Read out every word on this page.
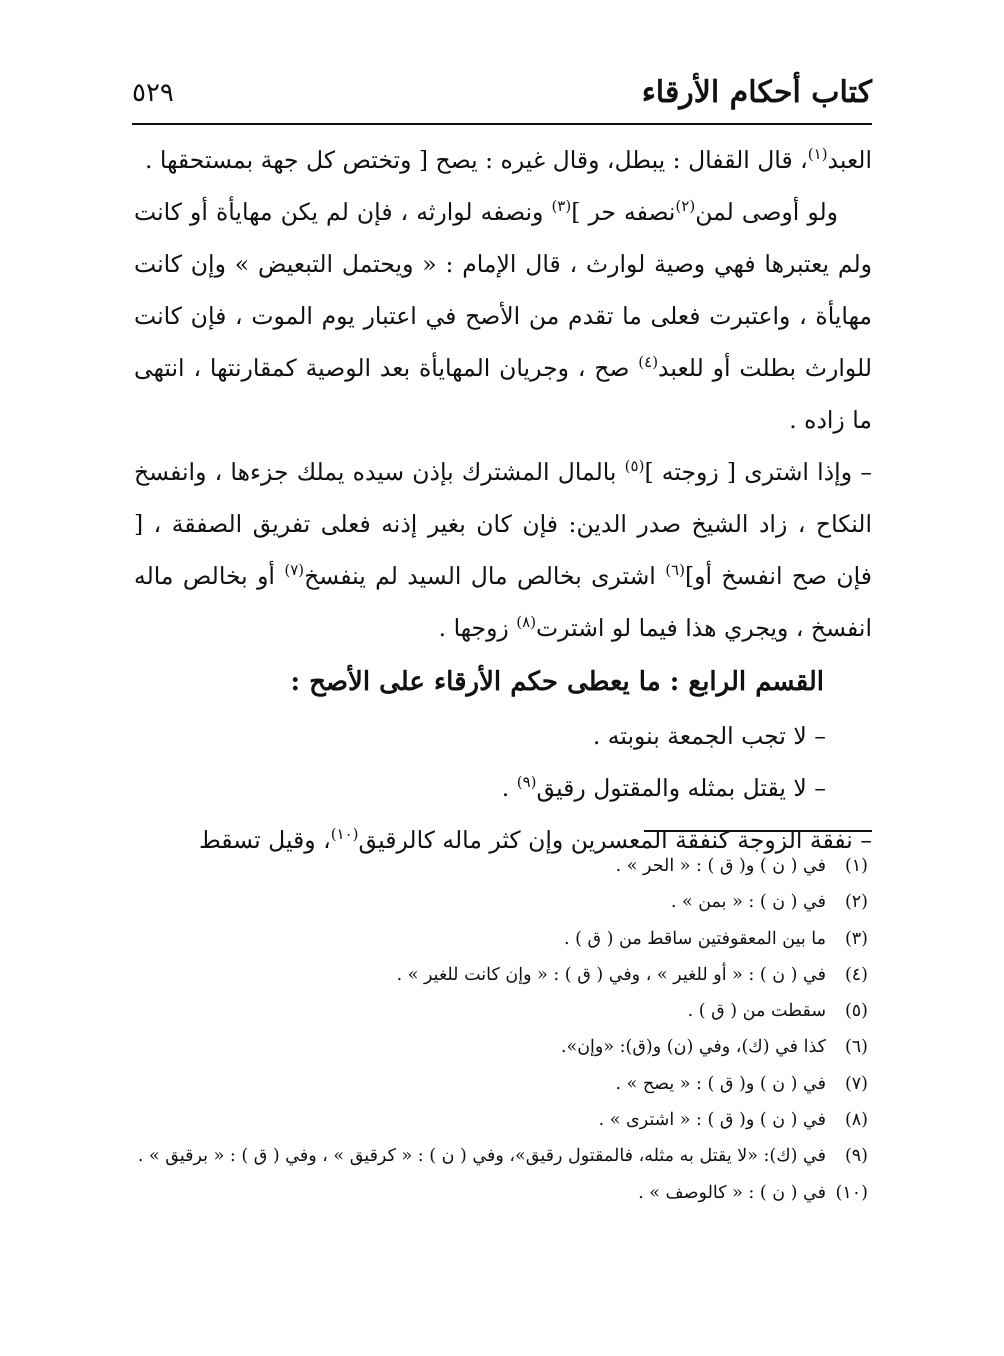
كتاب أحكام الأرقاء
٥٢٩

العبد$^{(١)}$، قال القفال : يبطل، وقال غيره : يصح [ وتختص كل جهة بمستحقها .

ولو أوصى لمن$^{(٢)}$نصفه حر ]$^{(٣)}$ ونصفه لوارثه ، فإن لم يكن مهايأة أو كانت ولم يعتبرها فهي وصية لوارث ، قال الإمام : « ويحتمل التبعيض » وإن كانت مهايأة ، واعتبرت فعلى ما تقدم من الأصح في اعتبار يوم الموت ، فإن كانت للوارث بطلت أو للعبد$^{(٤)}$ صح ، وجريان المهايأة بعد الوصية كمقارنتها ، انتهى ما زاده .

– وإذا اشترى [ زوجته ]$^{(٥)}$ بالمال المشترك بإذن سيده يملك جزءها ، وانفسخ النكاح ، زاد الشيخ صدر الدين: فإن كان بغير إذنه فعلى تفريق الصفقة ، [ فإن صح انفسخ أو]$^{(٦)}$ اشترى بخالص مال السيد لم ينفسخ$^{(٧)}$ أو بخالص ماله انفسخ ، ويجري هذا فيما لو اشترت$^{(٨)}$ زوجها .

القسم الرابع : ما يعطى حكم الأرقاء على الأصح :

– لا تجب الجمعة بنوبته .

– لا يقتل بمثله والمقتول رقيق$^{(٩)}$ .

– نفقة الزوجة كنفقة المعسرين وإن كثر ماله كالرقيق$^{(١٠)}$، وقيل تسقط

(١)في ( ن ) و( ق ) : « الحر » .
(٢)في ( ن ) : « بمن » .
(٣)ما بين المعقوفتين ساقط من ( ق ) .
(٤)في ( ن ) : « أو للغير » ، وفي ( ق ) : « وإن كانت للغير » .
(٥)سقطت من ( ق ) .
(٦)كذا في (ك)، وفي (ن) و(ق): «وإن».
(٧)في ( ن ) و( ق ) : « يصح » .
(٨)في ( ن ) و( ق ) : « اشترى » .
(٩)في (ك): «لا يقتل به مثله، فالمقتول رقيق»، وفي ( ن ) : « كرقيق » ، وفي ( ق ) : « برقيق » .
(١٠)في ( ن ) : « كالوصف » .
